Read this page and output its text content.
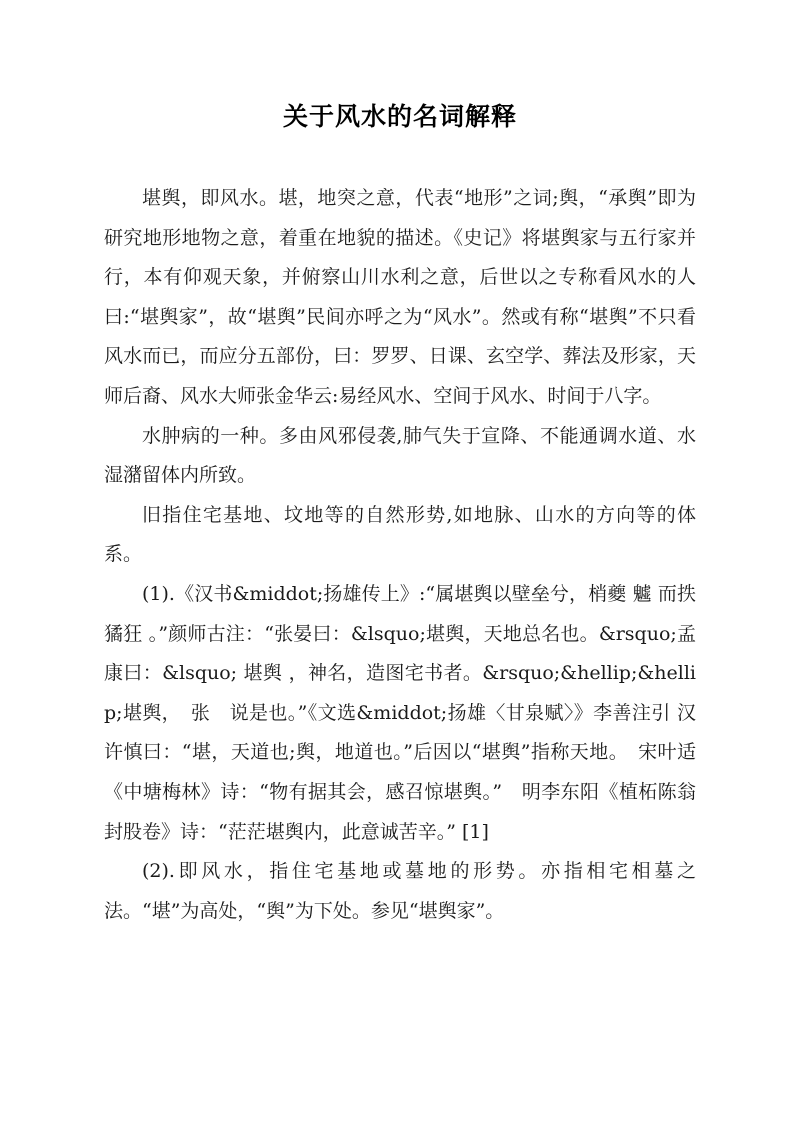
关于风水的名词解释

堪舆，即风水。堪，地突之意，代表“地形”之词;舆，“承舆”即为研究地形地物之意，着重在地貌的描述。《史记》将堪舆家与五行家并行，本有仰观天象，并俯察山川水利之意，后世以之专称看风水的人曰:“堪舆家”，故“堪舆”民间亦呼之为“风水”。然或有称“堪舆”不只看风水而已，而应分五部份，曰：罗罗、日课、玄空学、葬法及形家，天师后裔、风水大师张金华云:易经风水、空间于风水、时间于八字。

水肿病的一种。多由风邪侵袭,肺气失于宣降、不能通调水道、水湿潴留体内所致。

旧指住宅基地、坟地等的自然形势,如地脉、山水的方向等的体系。

(1).《汉书&middot;扬雄传上》:“属堪舆以壁垒兮，梢夔 魖 而抶 獝狂 。”颜师古注：“张晏曰：&lsquo;堪舆，天地总名也。&rsquo;孟康曰：&lsquo; 堪舆 ，神名，造图宅书者。&rsquo;&hellip;&hellip;堪舆，　张　说是也。”《文选&middot;扬雄〈甘泉赋〉》李善注引 汉许慎曰：“堪，天道也;舆，地道也。”后因以“堪舆”指称天地。　宋叶适《中塘梅林》诗：“物有据其会，感召惊堪舆。”　明李东阳《植柘陈翁封股卷》诗：“茫茫堪舆内，此意诚苦辛。” [1]

(2).即风水，指住宅基地或墓地的形势。亦指相宅相墓之法。“堪”为高处，“舆”为下处。参见“堪舆家”。
